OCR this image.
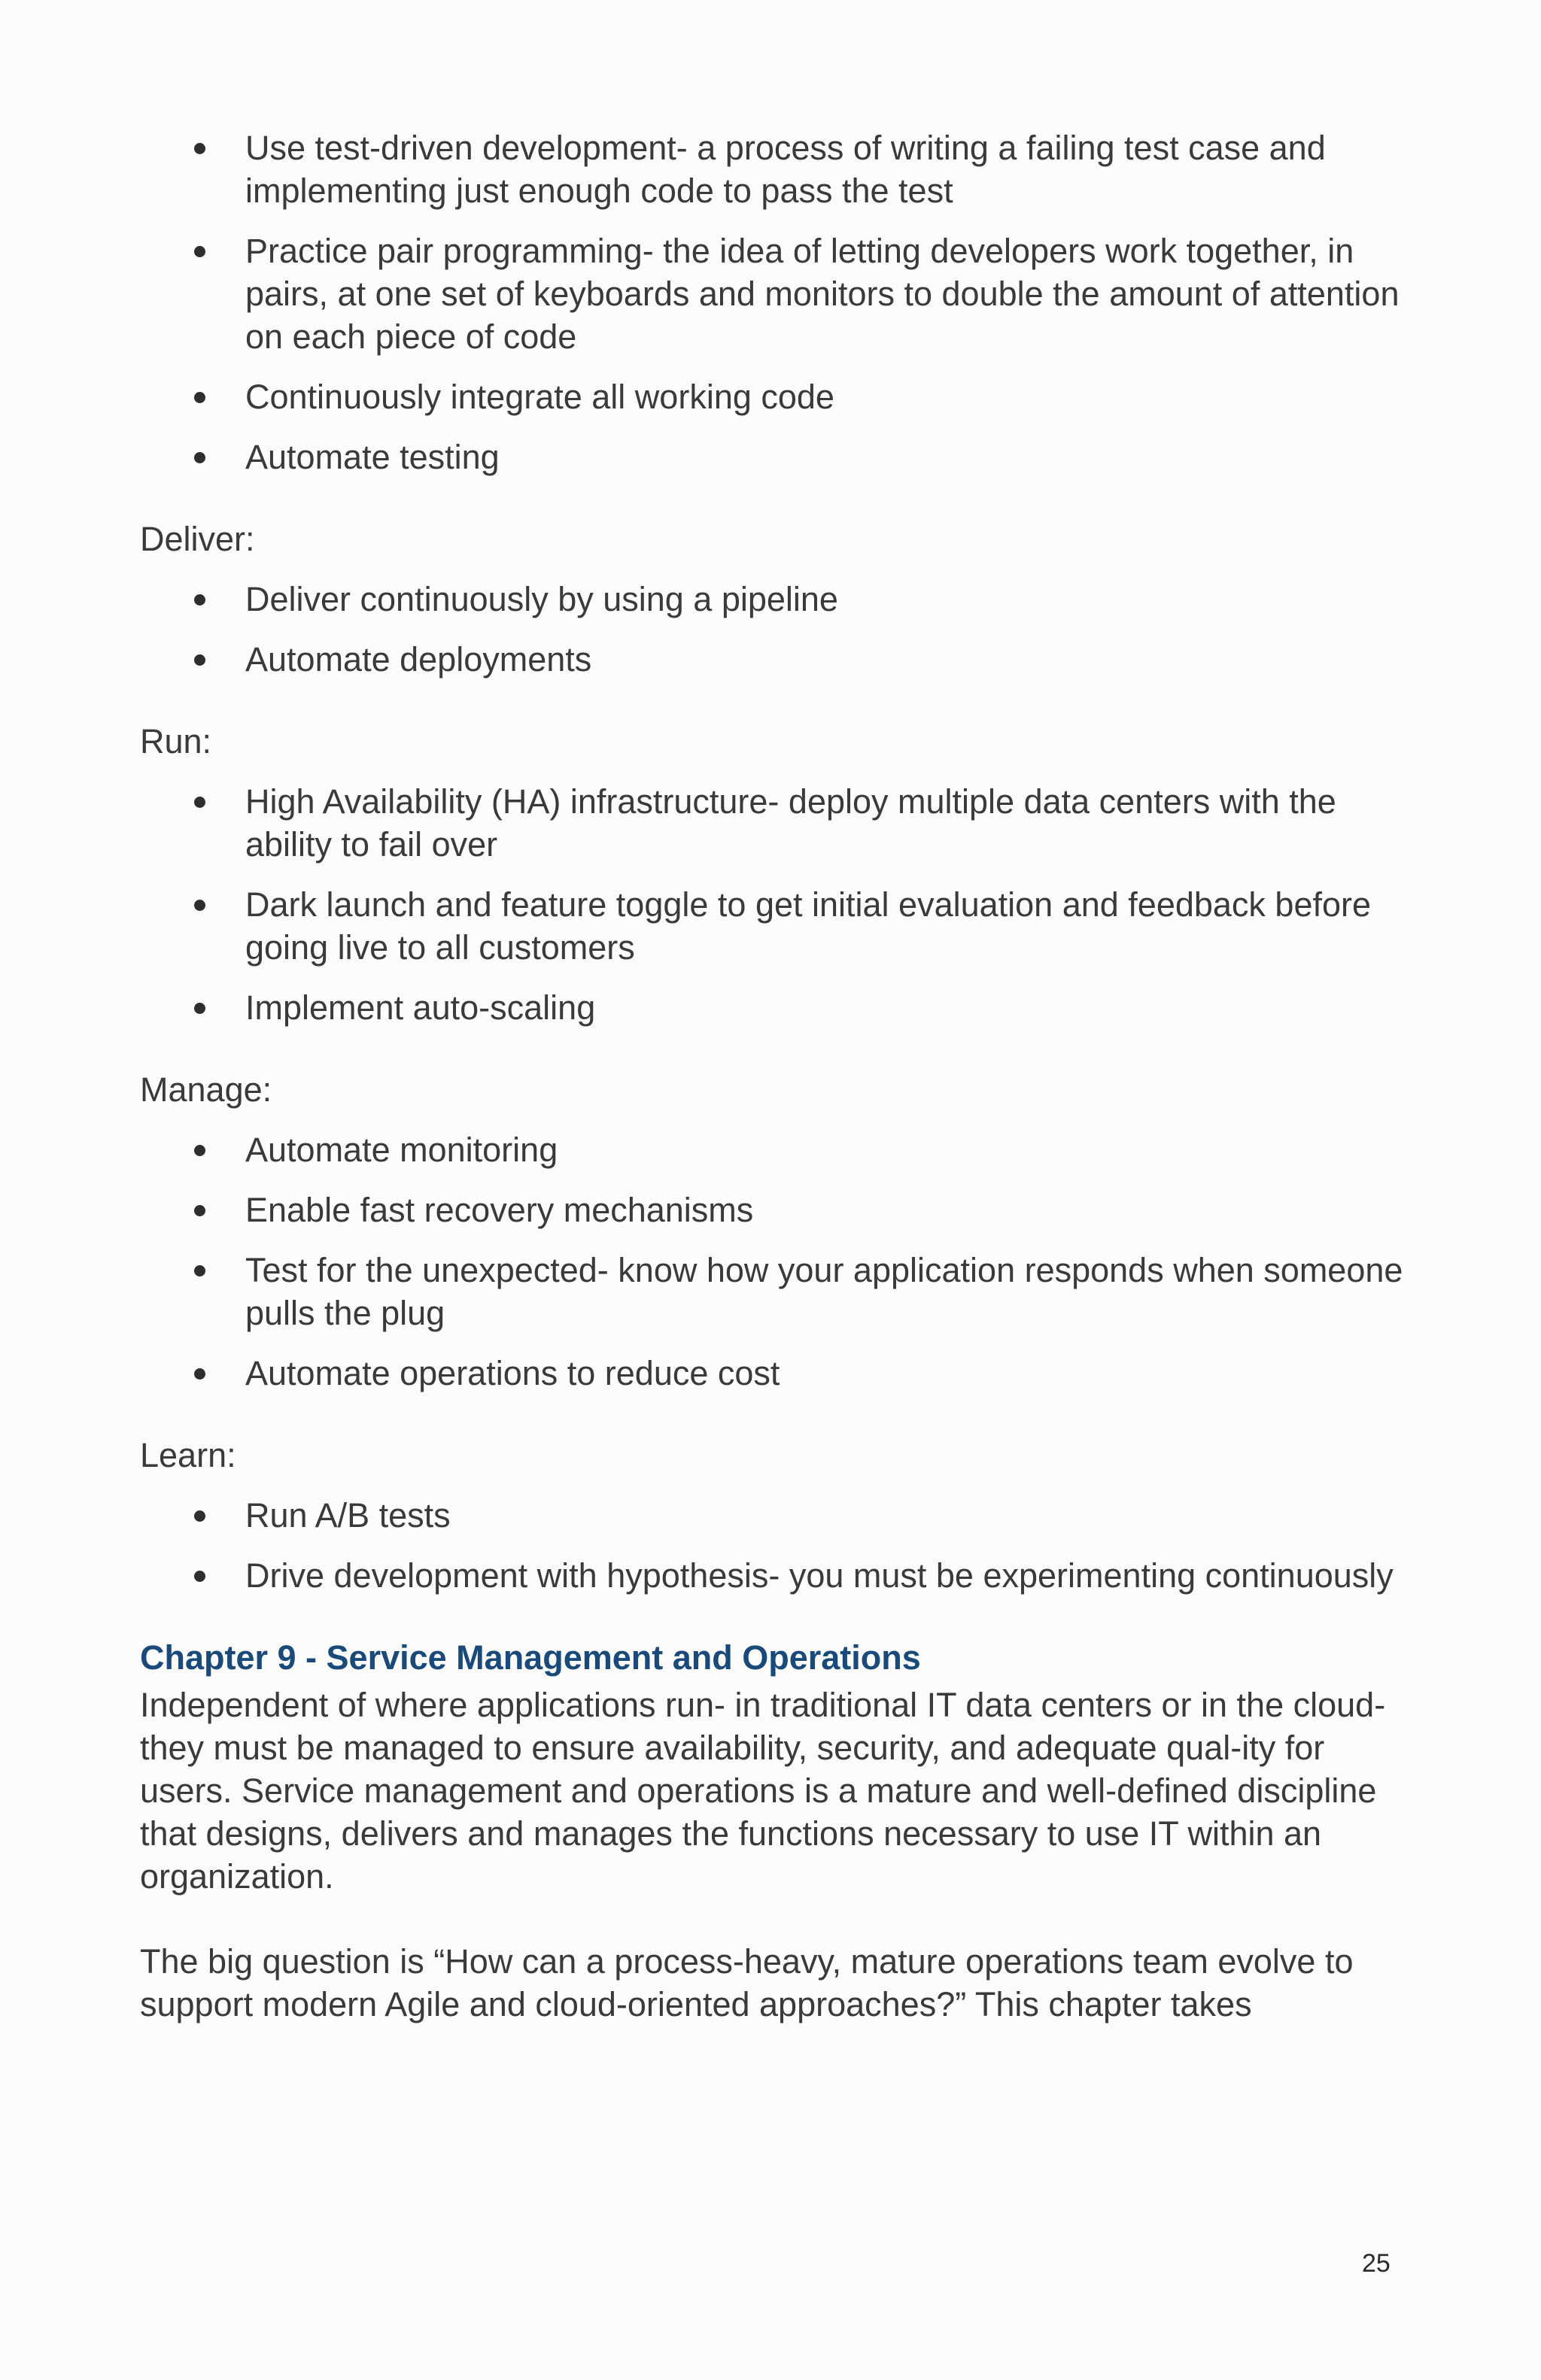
Use test-driven development- a process of writing a failing test case and implementing just enough code to pass the test
Practice pair programming- the idea of letting developers work together, in pairs, at one set of keyboards and monitors to double the amount of attention on each piece of code
Continuously integrate all working code
Automate testing

Deliver:

Deliver continuously by using a pipeline
Automate deployments

Run:

High Availability (HA) infrastructure- deploy multiple data centers with the ability to fail over
Dark launch and feature toggle to get initial evaluation and feedback before going live to all customers
Implement auto-scaling

Manage:

Automate monitoring
Enable fast recovery mechanisms
Test for the unexpected- know how your application responds when someone pulls the plug
Automate operations to reduce cost

Learn:

Run A/B tests
Drive development with hypothesis- you must be experimenting continuously
Chapter 9 - Service Management and Operations

Independent of where applications run- in traditional IT data centers or in the cloud- they must be managed to ensure availability, security, and adequate qual-ity for users. Service management and operations is a mature and well-defined discipline that designs, delivers and manages the functions necessary to use IT within an organization.

The big question is “How can a process-heavy, mature operations team evolve to support modern Agile and cloud-oriented approaches?” This chapter takes

25
